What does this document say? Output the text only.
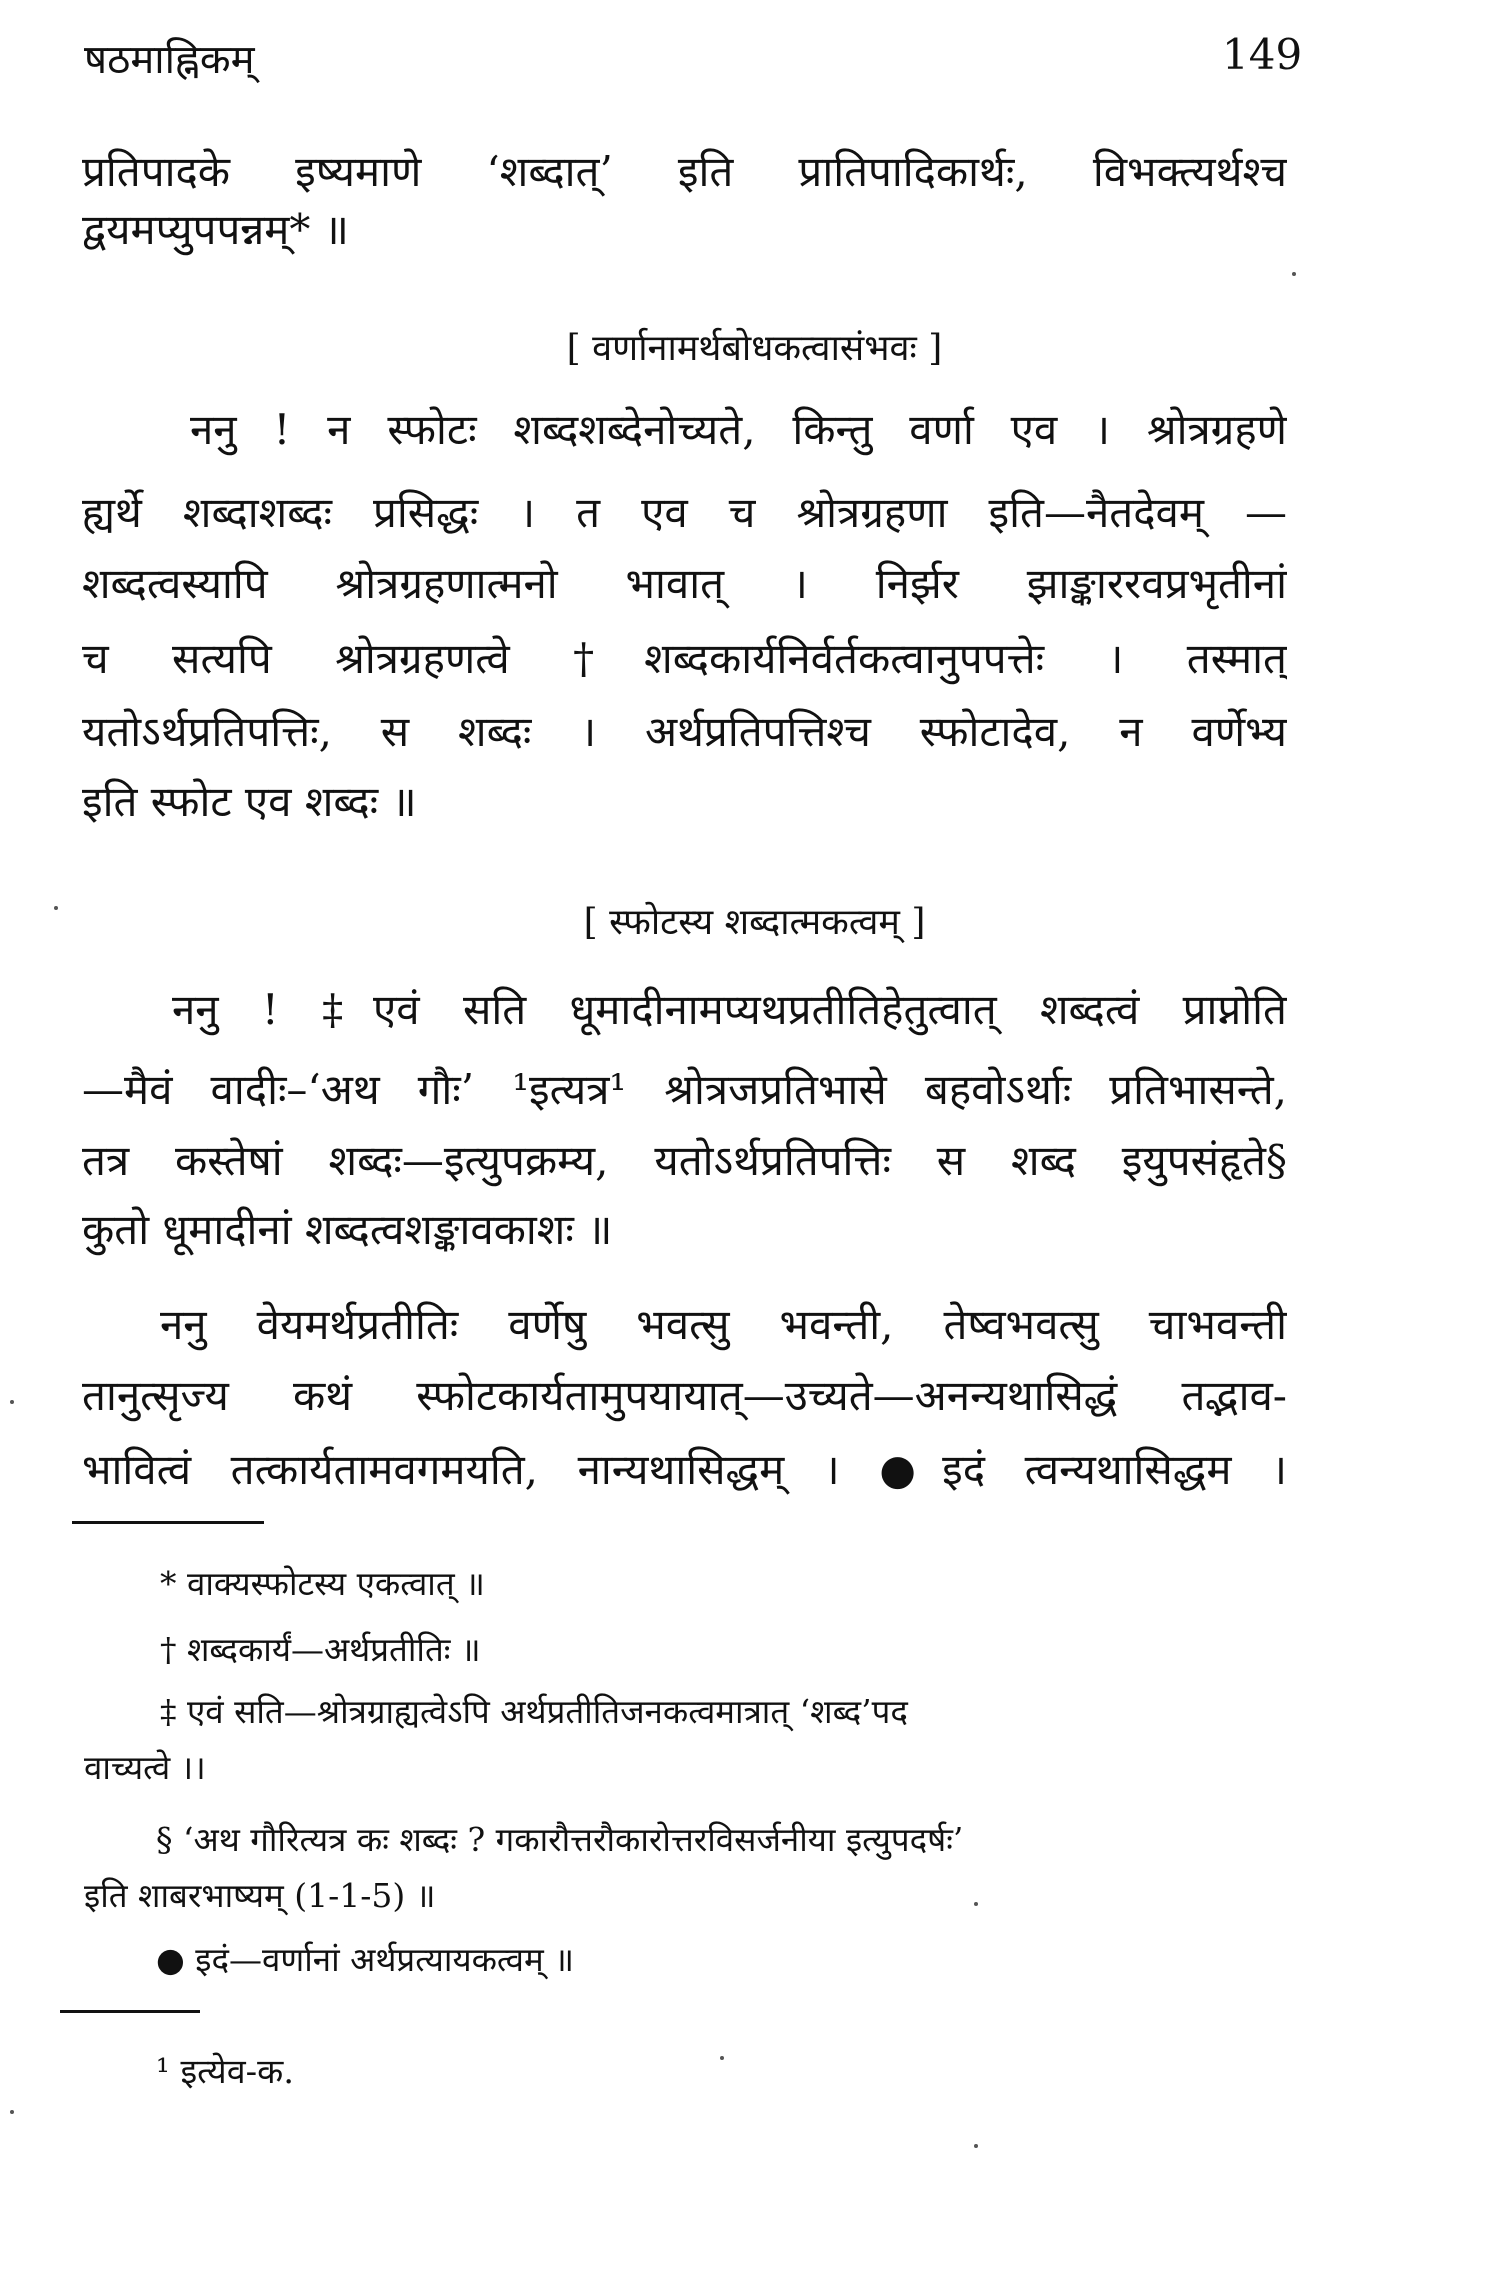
षठमाह्निकम्	149
प्रतिपादके इष्यमाणे ‘शब्दात्’ इति प्रातिपादिकार्थः, विभक्त्यर्थश्च
द्वयमप्युपपन्नम्* ॥
[ वर्णानामर्थबोधकत्वासंभवः ]
ननु ! न स्फोटः शब्दशब्देनोच्यते, किन्तु वर्णा एव । श्रोत्रग्रहणे
ह्यर्थे शब्दाशब्दः प्रसिद्धः । त एव च श्रोत्रग्रहणा इति—नैतदेवम् —
शब्दत्वस्यापि श्रोत्रग्रहणात्मनो भावात् । निर्झर झाङ्काररवप्रभृतीनां
च सत्यपि श्रोत्रग्रहणत्वे †शब्दकार्यनिर्वर्तकत्वानुपपत्तेः । तस्मात्
यतोऽर्थप्रतिपत्तिः, स शब्दः । अर्थप्रतिपत्तिश्च स्फोटादेव, न वर्णेभ्य
इति स्फोट एव शब्दः ॥
[ स्फोटस्य शब्दात्मकत्वम् ]
ननु ! ‡एवं सति धूमादीनामप्यथप्रतीतिहेतुत्वात् शब्दत्वं प्राप्नोति
—मैवं वादीः–‘अथ गौः’ ¹इत्यत्र¹ श्रोत्रजप्रतिभासे बहवोऽर्थाः प्रतिभासन्ते,
तत्र कस्तेषां शब्दः—इत्युपक्रम्य, यतोऽर्थप्रतिपत्तिः स शब्द इयुपसंहृते§
कुतो धूमादीनां शब्दत्वशङ्कावकाशः ॥
ननु वेयमर्थप्रतीतिः वर्णेषु भवत्सु भवन्ती, तेष्वभवत्सु चाभवन्ती
तानुत्सृज्य कथं स्फोटकार्यतामुपयायात्—उच्यते—अनन्यथासिद्धं तद्भाव-
भावित्वं तत्कार्यतामवगमयति, नान्यथासिद्धम् । ●इदं त्वन्यथासिद्धम ।
* वाक्यस्फोटस्य एकत्वात् ॥
† शब्दकार्यं—अर्थप्रतीतिः ॥
‡ एवं सति—श्रोत्रग्राह्यत्वेऽपि अर्थप्रतीतिजनकत्वमात्रात् ‘शब्द’पद
वाच्यत्वे ।।
§ ‘अथ गौरित्यत्र कः शब्दः ? गकारौत्तरौकारोत्तरविसर्जनीया इत्युपदर्षः’
इति शाबरभाष्यम् (1-1-5) ॥
● इदं—वर्णानां अर्थप्रत्यायकत्वम् ॥
¹ इत्येव-क.
